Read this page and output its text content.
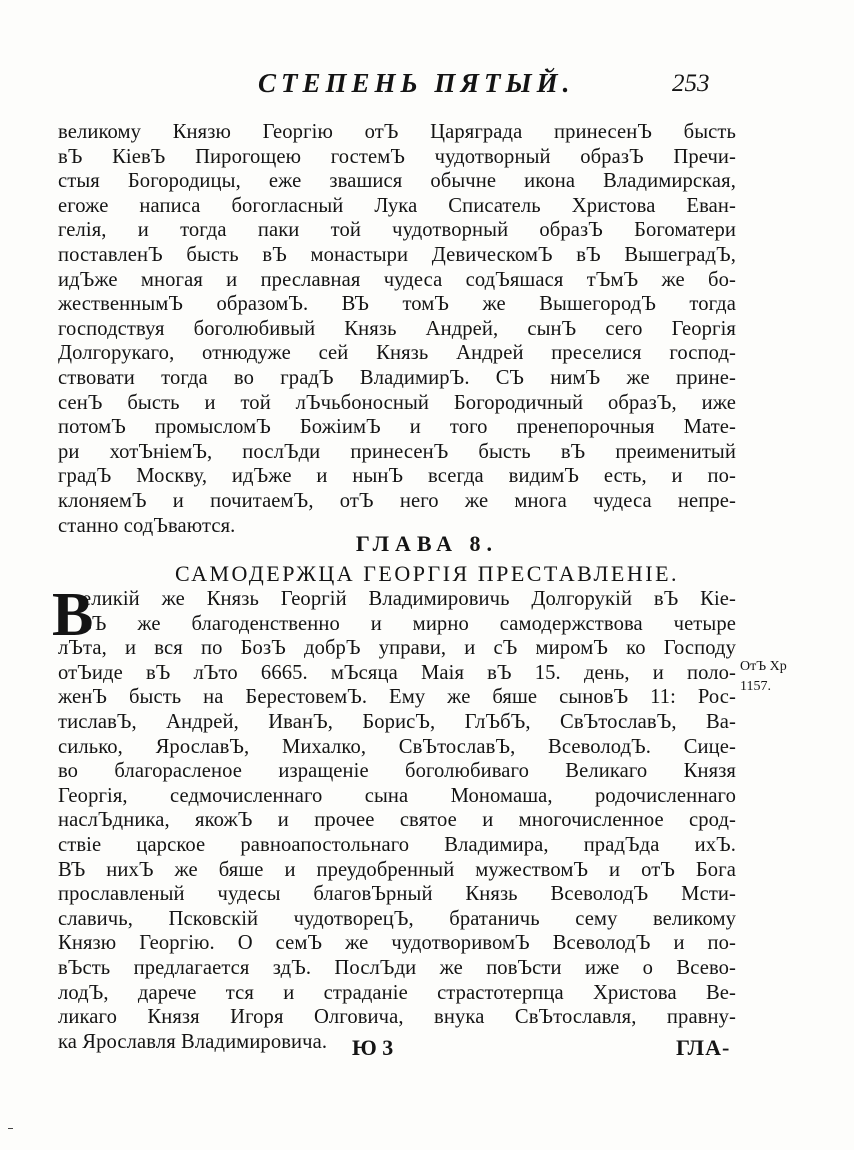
СТЕПЕНЬ ПЯТЫЙ.	253
великому Князю Георгію отЪ Царяграда принесенЪ бысть
вЪ КіевЪ Пирогощею гостемЪ чудотворный образЪ Пречи-
стыя Богородицы, еже звашися обычне икона Владимирская,
егоже написа богогласный Лука Списатель Христова Еван-
гелія, и тогда паки той чудотворный образЪ Богоматери
поставленЪ бысть вЪ монастыри ДевическомЪ вЪ ВышеградЪ,
идЪже многая и преславная чудеса содЪяшася тЪмЪ же бо-
жественнымЪ образомЪ. ВЪ томЪ же ВышегородЪ тогда
господствуя боголюбивый Князь Андрей, сынЪ сего Георгія
Долгорукаго, отнюдуже сей Князь Андрей преселися господ-
ствовати тогда во градЪ ВладимирЪ. СЪ нимЪ же прине-
сенЪ бысть и той лЪчьбоносный Богородичный образЪ, иже
потомЪ промысломЪ БожіимЪ и того пренепорочныя Мате-
ри хотЪніемЪ, послЪди принесенЪ бысть вЪ преименитый
градЪ Москву, идЪже и нынЪ всегда видимЪ есть, и по-
клоняемЪ и почитаемЪ, отЪ него же многа чудеса непре-
станно содЪваются.
ГЛАВА 8.
САМОДЕРЖЦА ГЕОРГІЯ ПРЕСТАВЛЕНІЕ.
В
еликій же Князь Георгій Владимировичь Долгорукій вЪ Кіе-
вЪ же благоденственно и мирно самодержствова четыре
лЪта, и вся по БозЪ добрЪ управи, и сЪ миромЪ ко Господу
отЪиде вЪ лЪто 6665. мЪсяца Маія вЪ 15. день, и поло-
женЪ бысть на БерестовемЪ. Ему же бяше сыновЪ 11: Рос-
тиславЪ, Андрей, ИванЪ, БорисЪ, ГлЪбЪ, СвЪтославЪ, Ва-
силько, ЯрославЪ, Михалко, СвЪтославЪ, ВсеволодЪ. Сице-
во благорасленое изращеніе боголюбиваго Великаго Князя
Георгія, седмочисленнаго сына Мономаша, родочисленнаго
наслЪдника, якожЪ и прочее святое и многочисленное срод-
ствіе царское равноапостольнаго Владимира, прадЪда ихЪ.
ВЪ нихЪ же бяше и преудобренный мужествомЪ и отЪ Бога
прославленый чудесы благовЪрный Князь ВсеволодЪ Мсти-
славичь, Псковскій чудотворецЪ, братаничь сему великому
Князю Георгію. О семЪ же чудотворивомЪ ВсеволодЪ и по-
вЪсть предлагается здЪ. ПослЪди же повЪсти иже о Всево-
лодЪ, дарече тся и страданіе страстотерпца Христова Ве-
ликаго Князя Игоря Олговича, внука СвЪтославля, правну-
ка Ярославля Владимировича.
ОтЪ Хр
1157.
Ю 3	ГЛА-
